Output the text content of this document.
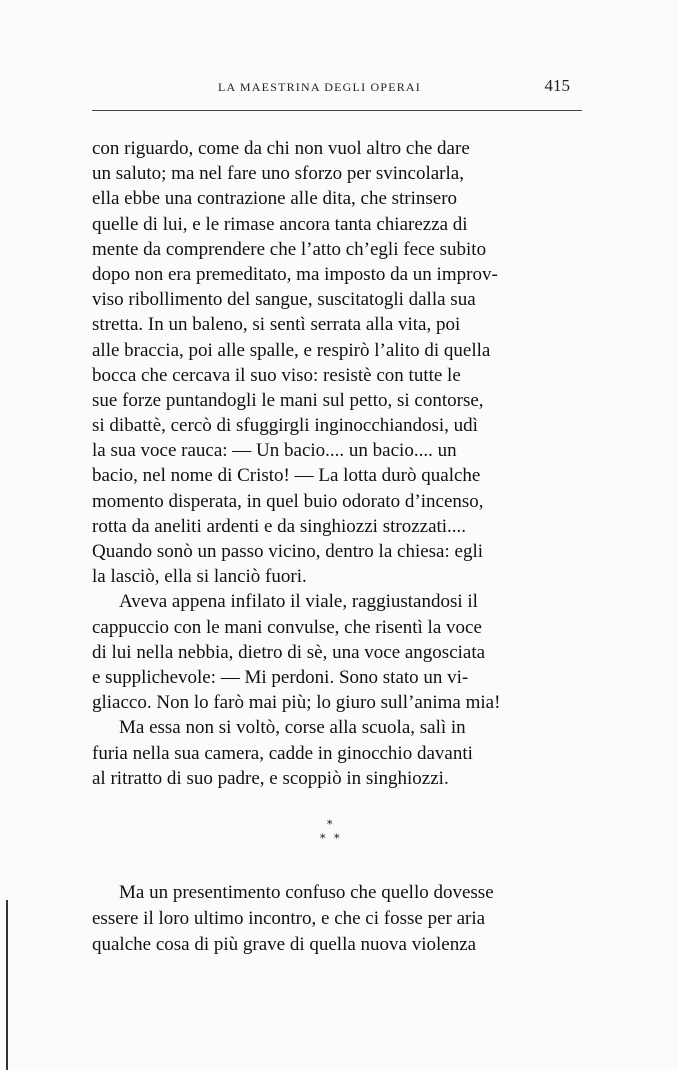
LA MAESTRINA DEGLI OPERAI	415
con riguardo, come da chi non vuol altro che dare
un saluto; ma nel fare uno sforzo per svincolarla,
ella ebbe una contrazione alle dita, che strinsero
quelle di lui, e le rimase ancora tanta chiarezza di
mente da comprendere che l’atto ch’egli fece subito
dopo non era premeditato, ma imposto da un improv-
viso ribollimento del sangue, suscitatogli dalla sua
stretta. In un baleno, si sentì serrata alla vita, poi
alle braccia, poi alle spalle, e respirò l’alito di quella
bocca che cercava il suo viso: resistè con tutte le
sue forze puntandogli le mani sul petto, si contorse,
si dibattè, cercò di sfuggirgli inginocchiandosi, udì
la sua voce rauca: — Un bacio.... un bacio.... un
bacio, nel nome di Cristo! — La lotta durò qualche
momento disperata, in quel buio odorato d’incenso,
rotta da aneliti ardenti e da singhiozzi strozzati....
Quando sonò un passo vicino, dentro la chiesa: egli
la lasciò, ella si lanciò fuori.
Aveva appena infilato il viale, raggiustandosi il
cappuccio con le mani convulse, che risentì la voce
di lui nella nebbia, dietro di sè, una voce angosciata
e supplichevole: — Mi perdoni. Sono stato un vi-
gliacco. Non lo farò mai più; lo giuro sull’anima mia!
Ma essa non si voltò, corse alla scuola, salì in
furia nella sua camera, cadde in ginocchio davanti
al ritratto di suo padre, e scoppiò in singhiozzi.
*
* *
Ma un presentimento confuso che quello dovesse
essere il loro ultimo incontro, e che ci fosse per aria
qualche cosa di più grave di quella nuova violenza
